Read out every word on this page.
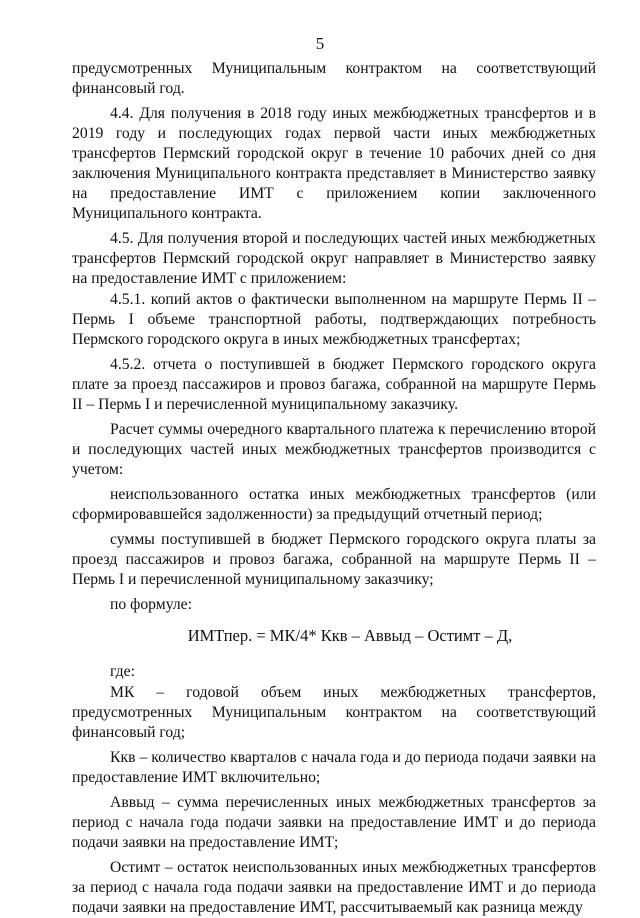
5

предусмотренных Муниципальным контрактом на соответствующий финансовый год.

4.4. Для получения в 2018 году иных межбюджетных трансфертов и в 2019 году и последующих годах первой части иных межбюджетных трансфертов Пермский городской округ в течение 10 рабочих дней со дня заключения Муниципального контракта представляет в Министерство заявку на предоставление ИМТ с приложением копии заключенного Муниципального контракта.

4.5. Для получения второй и последующих частей иных межбюджетных трансфертов Пермский городской округ направляет в Министерство заявку на предоставление ИМТ с приложением:

4.5.1. копий актов о фактически выполненном на маршруте Пермь II – Пермь I объеме транспортной работы, подтверждающих потребность Пермского городского округа в иных межбюджетных трансфертах;

4.5.2. отчета о поступившей в бюджет Пермского городского округа плате за проезд пассажиров и провоз багажа, собранной на маршруте Пермь II – Пермь I и перечисленной муниципальному заказчику.

Расчет суммы очередного квартального платежа к перечислению второй и последующих частей иных межбюджетных трансфертов производится с учетом:

неиспользованного остатка иных межбюджетных трансфертов (или сформировавшейся задолженности) за предыдущий отчетный период;

суммы поступившей в бюджет Пермского городского округа платы за проезд пассажиров и провоз багажа, собранной на маршруте Пермь II – Пермь I и перечисленной муниципальному заказчику;

по формуле:

ИМТпер. = МК/4* Ккв – Аввыд – Остимт – Д,

где:

МК – годовой объем иных межбюджетных трансфертов, предусмотренных Муниципальным контрактом на соответствующий финансовый год;

Ккв – количество кварталов с начала года и до периода подачи заявки на предоставление ИМТ включительно;

Аввыд – сумма перечисленных иных межбюджетных трансфертов за период с начала года подачи заявки на предоставление ИМТ и до периода подачи заявки на предоставление ИМТ;

Остимт – остаток неиспользованных иных межбюджетных трансфертов за период с начала года подачи заявки на предоставление ИМТ и до периода подачи заявки на предоставление ИМТ, рассчитываемый как разница между
